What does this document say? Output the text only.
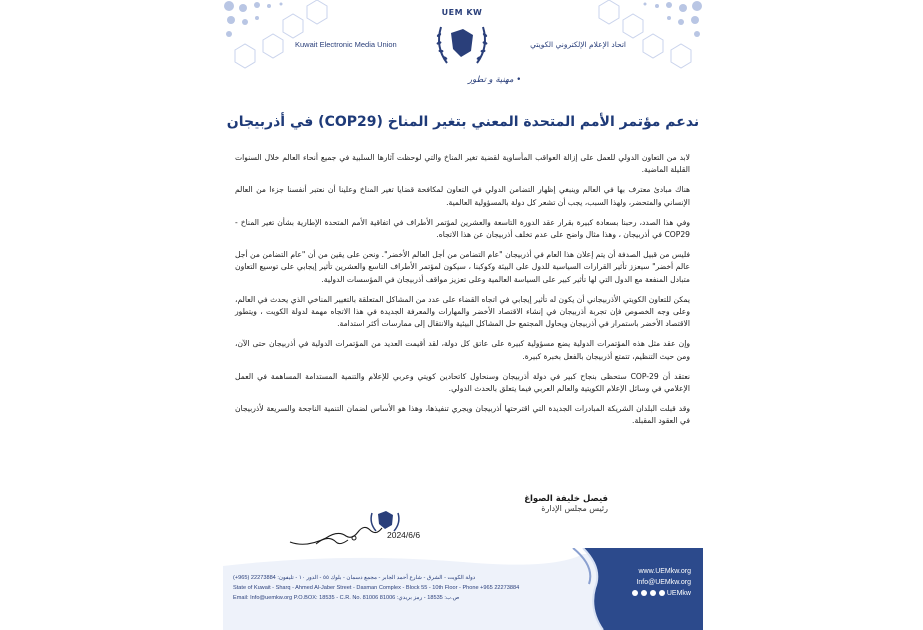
UEM KW
Kuwait Electronic Media Union	اتحاد الإعلام الإلكتروني الكويتي
• مهنية و تطور
ندعم مؤتمر الأمم المتحدة المعني بتغير المناخ (COP29) في أذربيجان

لابد من التعاون الدولي للعمل على إزالة العواقب المأساوية لقضية تغير المناخ والتي لوحظت آثارها السلبية في جميع أنحاء العالم خلال السنوات القليلة الماضية.

هناك مبادئ معترف بها في العالم وينبغي إظهار التضامن الدولي في التعاون لمكافحة قضايا تغير المناخ وعلينا أن نعتبر أنفسنا جزءا من العالم الإنساني والمتحضر، ولهذا السبب، يجب أن تشعر كل دولة بالمسؤولية العالمية.

وفي هذا الصدد، رحبنا بسعادة كبيرة بقرار عقد الدورة التاسعة والعشرين لمؤتمر الأطراف في اتفاقية الأمم المتحدة الإطارية بشأن تغير المناخ - COP29 في أذربيجان ، وهذا مثال واضح على عدم تخلف أذربيجان عن هذا الاتجاه.

فليس من قبيل الصدفة أن يتم إعلان هذا العام في أذربيجان "عام التضامن من أجل العالم الأخضر". ونحن على يقين من أن "عام التضامن من أجل عالم أخضر" سيعزز تأثير القرارات السياسية للدول على البيئة وكوكبنا ، سيكون لمؤتمر الأطراف التاسع والعشرين تأثير إيجابي على توسيع التعاون متبادل المنفعة مع الدول التي لها تأثير كبير على السياسة العالمية وعلى تعزيز مواقف أذربيجان في المؤسسات الدولية.

يمكن للتعاون الكويتي الأذربيجاني أن يكون له تأثير إيجابي في اتجاه القضاء على عدد من المشاكل المتعلقة بالتغيير المناخي الذي يحدث في العالم، وعلى وجه الخصوص فإن تجربة أذربيجان في إنشاء الاقتصاد الأخضر والمهارات والمعرفة الجديدة في هذا الاتجاه مهمة لدولة الكويت ، ويتطور الاقتصاد الأخضر باستمرار في أذربيجان ويحاول المجتمع حل المشاكل البيئية والانتقال إلى ممارسات أكثر استدامة.

وإن عقد مثل هذه المؤتمرات الدولية يضع مسؤولية كبيرة على عاتق كل دولة، لقد أقيمت العديد من المؤتمرات الدولية في أذربيجان حتى الآن، ومن حيث التنظيم، تتمتع أذربيجان بالفعل بخبرة كبيرة.

نعتقد أن COP-29 ستحظى بنجاح كبير في دولة أذربيجان وسنحاول كاتحادين كويتي وعربي للإعلام والتنمية المستدامة المساهمة في العمل الإعلامي في وسائل الإعلام الكويتية والعالم العربي فيما يتعلق بالحدث الدولي.

وقد قبلت البلدان الشريكة المبادرات الجديدة التي اقترحتها أذربيجان ويجري تنفيذها، وهذا هو الأساس لضمان التنمية الناجحة والسريعة لأذربيجان في العقود المقبلة.

فيصل خليفة الصواغ
رئيس مجلس الإدارة
2024/6/6
دولة الكويت - الشرق - شارع أحمد الجابر - مجمع دسمان - بلوك ٥٥ - الدور ١٠ - تليفون: 22273884 (965+)
State of Kuwait - Sharq - Ahmed Al-Jaber Street - Dasman Complex - Block 55 - 10th Floor - Phone +965 22273884
Email: Info@uemkw.org P.O.BOX: 18535 - C.R. No. 81006 ص.ب: 18535 - رمز بريدي: 81006
www.UEMkw.org
Info@UEMkw.org
UEMkw
